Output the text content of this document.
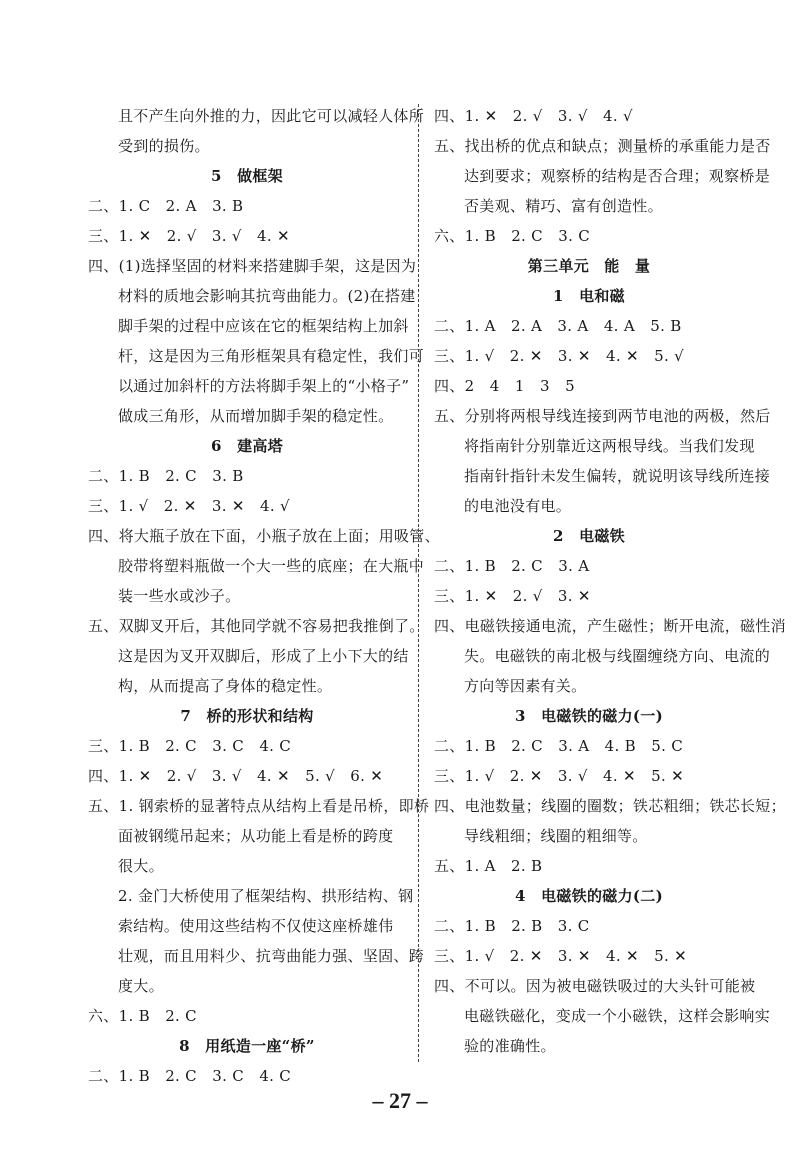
且不产生向外推的力，因此它可以减轻人体所
受到的损伤。
5　做框架
二、1. C　2. A　3. B
三、1. ✕　2. √　3. √　4. ✕
四、(1)选择坚固的材料来搭建脚手架，这是因为
材料的质地会影响其抗弯曲能力。(2)在搭建
脚手架的过程中应该在它的框架结构上加斜
杆，这是因为三角形框架具有稳定性，我们可
以通过加斜杆的方法将脚手架上的“小格子”
做成三角形，从而增加脚手架的稳定性。
6　建高塔
二、1. B　2. C　3. B
三、1. √　2. ✕　3. ✕　4. √
四、将大瓶子放在下面，小瓶子放在上面；用吸管、
胶带将塑料瓶做一个大一些的底座；在大瓶中
装一些水或沙子。
五、双脚叉开后，其他同学就不容易把我推倒了。
这是因为叉开双脚后，形成了上小下大的结
构，从而提高了身体的稳定性。
7　桥的形状和结构
三、1. B　2. C　3. C　4. C
四、1. ✕　2. √　3. √　4. ✕　5. √　6. ✕
五、1. 钢索桥的显著特点从结构上看是吊桥，即桥
面被钢缆吊起来；从功能上看是桥的跨度
很大。
2. 金门大桥使用了框架结构、拱形结构、钢
索结构。使用这些结构不仅使这座桥雄伟
壮观，而且用料少、抗弯曲能力强、坚固、跨
度大。
六、1. B　2. C
8　用纸造一座“桥”
二、1. B　2. C　3. C　4. C
四、1. ✕　2. √　3. √　4. √
五、找出桥的优点和缺点；测量桥的承重能力是否
达到要求；观察桥的结构是否合理；观察桥是
否美观、精巧、富有创造性。
六、1. B　2. C　3. C
第三单元　能　量
1　电和磁
二、1. A　2. A　3. A　4. A　5. B
三、1. √　2. ✕　3. ✕　4. ✕　5. √
四、2　4　1　3　5
五、分别将两根导线连接到两节电池的两极，然后
将指南针分别靠近这两根导线。当我们发现
指南针指针未发生偏转，就说明该导线所连接
的电池没有电。
2　电磁铁
二、1. B　2. C　3. A
三、1. ✕　2. √　3. ✕
四、电磁铁接通电流，产生磁性；断开电流，磁性消
失。电磁铁的南北极与线圈缠绕方向、电流的
方向等因素有关。
3　电磁铁的磁力(一)
二、1. B　2. C　3. A　4. B　5. C
三、1. √　2. ✕　3. √　4. ✕　5. ✕
四、电池数量；线圈的圈数；铁芯粗细；铁芯长短；
导线粗细；线圈的粗细等。
五、1. A　2. B
4　电磁铁的磁力(二)
二、1. B　2. B　3. C
三、1. √　2. ✕　3. ✕　4. ✕　5. ✕
四、不可以。因为被电磁铁吸过的大头针可能被
电磁铁磁化，变成一个小磁铁，这样会影响实
验的准确性。
– 27 –
